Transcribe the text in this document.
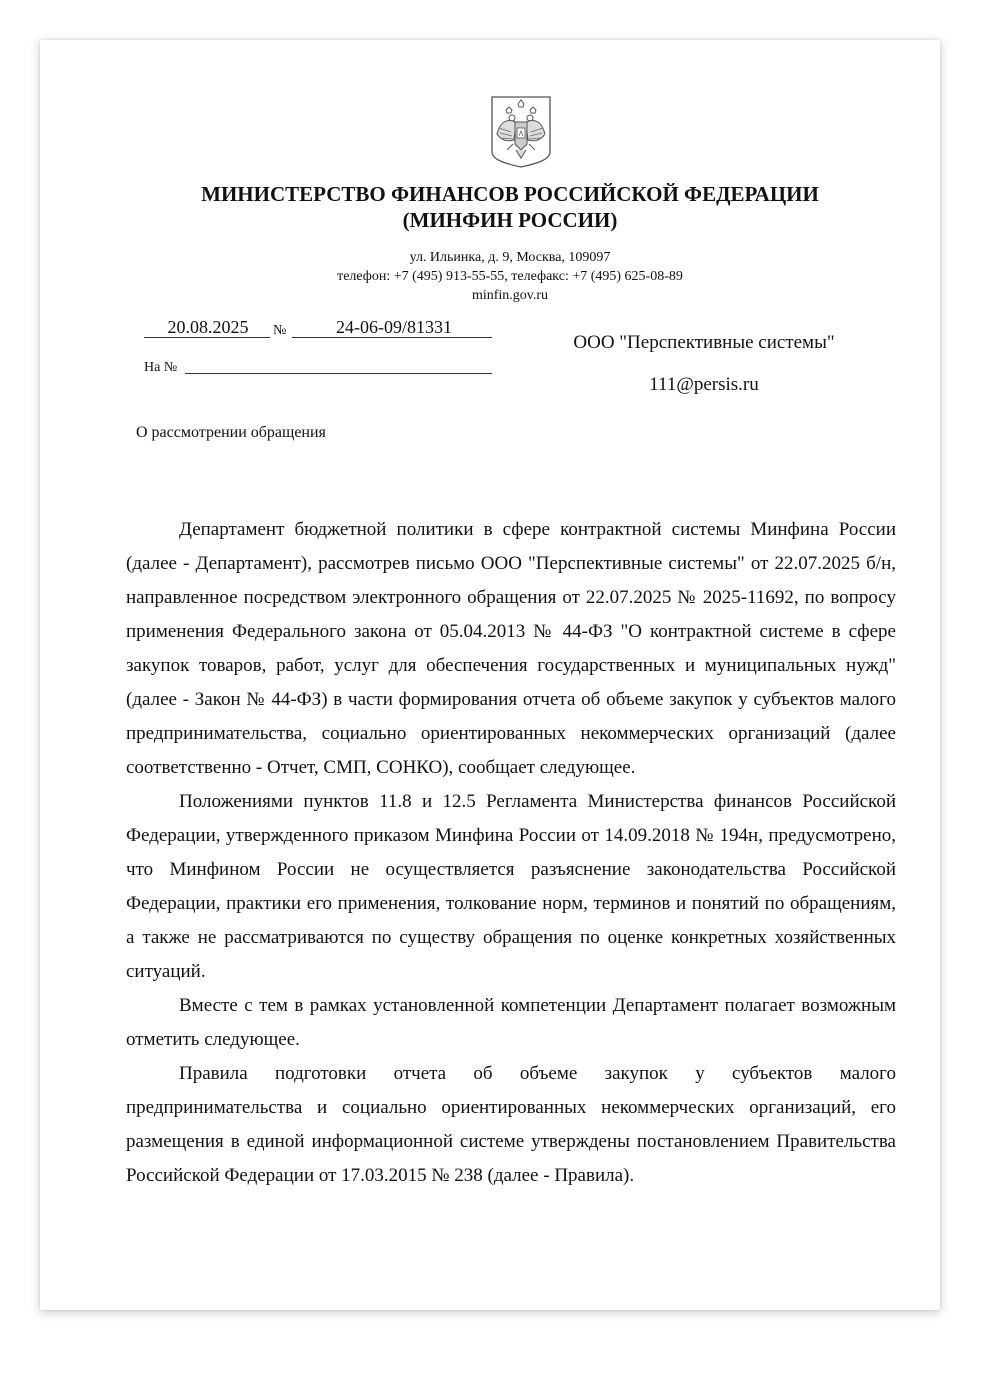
МИНИСТЕРСТВО ФИНАНСОВ РОССИЙСКОЙ ФЕДЕРАЦИИ
(МИНФИН РОССИИ)
ул. Ильинка, д. 9, Москва, 109097
телефон: +7 (495) 913-55-55, телефакс: +7 (495) 625-08-89
minfin.gov.ru
20.08.2025	№	24-06-09/81331
На №
ООО "Перспективные системы"
111@persis.ru
О рассмотрении обращения

Департамент бюджетной политики в сфере контрактной системы Минфина России (далее - Департамент), рассмотрев письмо ООО "Перспективные системы" от 22.07.2025 б/н, направленное посредством электронного обращения от 22.07.2025 № 2025-11692, по вопросу применения Федерального закона от 05.04.2013 № 44-ФЗ "О контрактной системе в сфере закупок товаров, работ, услуг для обеспечения государственных и муниципальных нужд" (далее - Закон № 44-ФЗ) в части формирования отчета об объеме закупок у субъектов малого предпринимательства, социально ориентированных некоммерческих организаций (далее соответственно - Отчет, СМП, СОНКО), сообщает следующее.

Положениями пунктов 11.8 и 12.5 Регламента Министерства финансов Российской Федерации, утвержденного приказом Минфина России от 14.09.2018 № 194н, предусмотрено, что Минфином России не осуществляется разъяснение законодательства Российской Федерации, практики его применения, толкование норм, терминов и понятий по обращениям, а также не рассматриваются по существу обращения по оценке конкретных хозяйственных ситуаций.

Вместе с тем в рамках установленной компетенции Департамент полагает возможным отметить следующее.

Правила подготовки отчета об объеме закупок у субъектов малого предпринимательства и социально ориентированных некоммерческих организаций, его размещения в единой информационной системе утверждены постановлением Правительства Российской Федерации от 17.03.2015 № 238 (далее - Правила).
